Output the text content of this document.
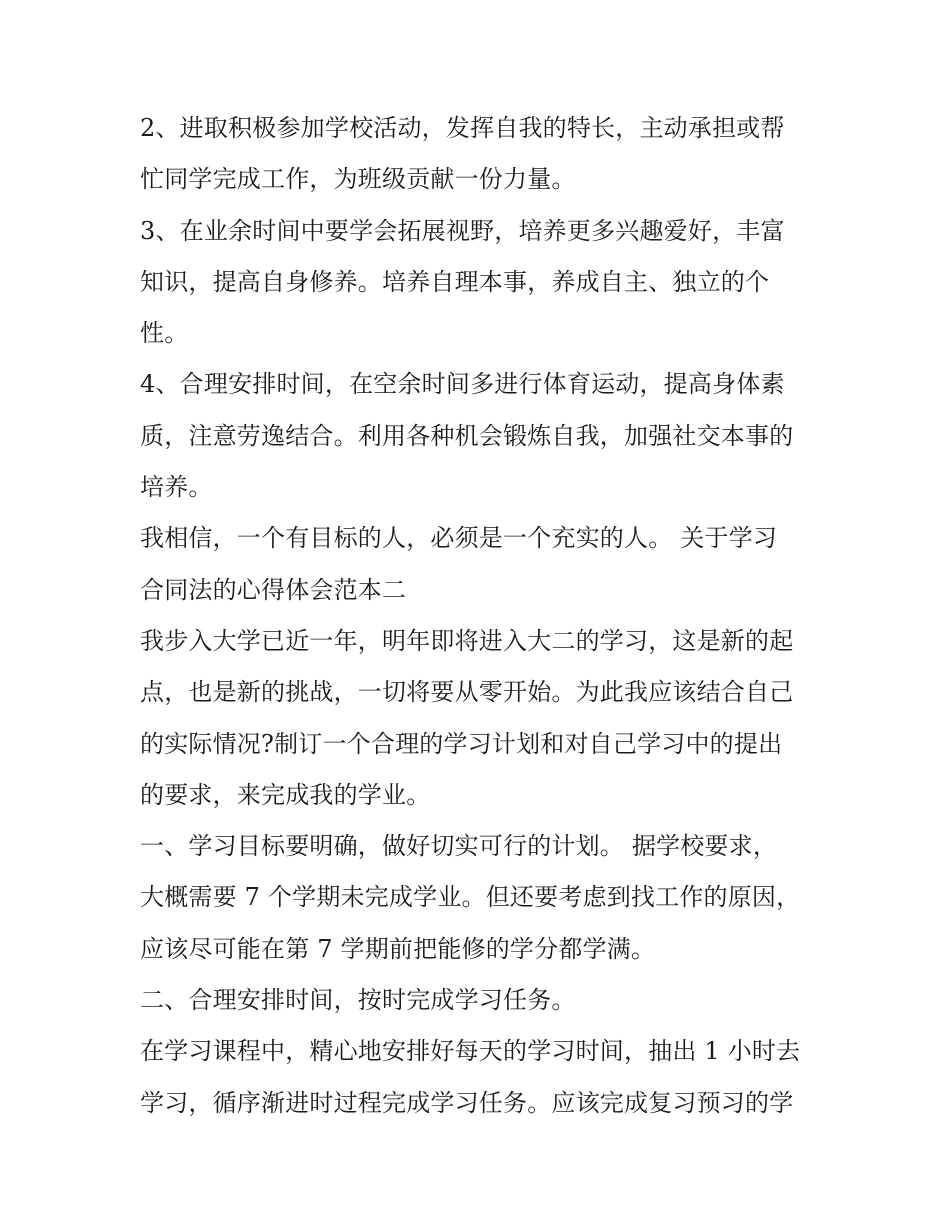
2、进取积极参加学校活动，发挥自我的特长，主动承担或帮
忙同学完成工作，为班级贡献一份力量。
3、在业余时间中要学会拓展视野，培养更多兴趣爱好，丰富
知识，提高自身修养。培养自理本事，养成自主、独立的个
性。
4、合理安排时间，在空余时间多进行体育运动，提高身体素
质，注意劳逸结合。利用各种机会锻炼自我，加强社交本事的
培养。
我相信，一个有目标的人，必须是一个充实的人。 关于学习
合同法的心得体会范本二
我步入大学已近一年，明年即将进入大二的学习，这是新的起
点，也是新的挑战，一切将要从零开始。为此我应该结合自己
的实际情况?制订一个合理的学习计划和对自己学习中的提出
的要求，来完成我的学业。
一、学习目标要明确，做好切实可行的计划。 据学校要求，
大概需要 7 个学期未完成学业。但还要考虑到找工作的原因，
应该尽可能在第 7 学期前把能修的学分都学满。
二、合理安排时间，按时完成学习任务。
在学习课程中，精心地安排好每天的学习时间，抽出 1 小时去
学习，循序渐进时过程完成学习任务。应该完成复习预习的学
